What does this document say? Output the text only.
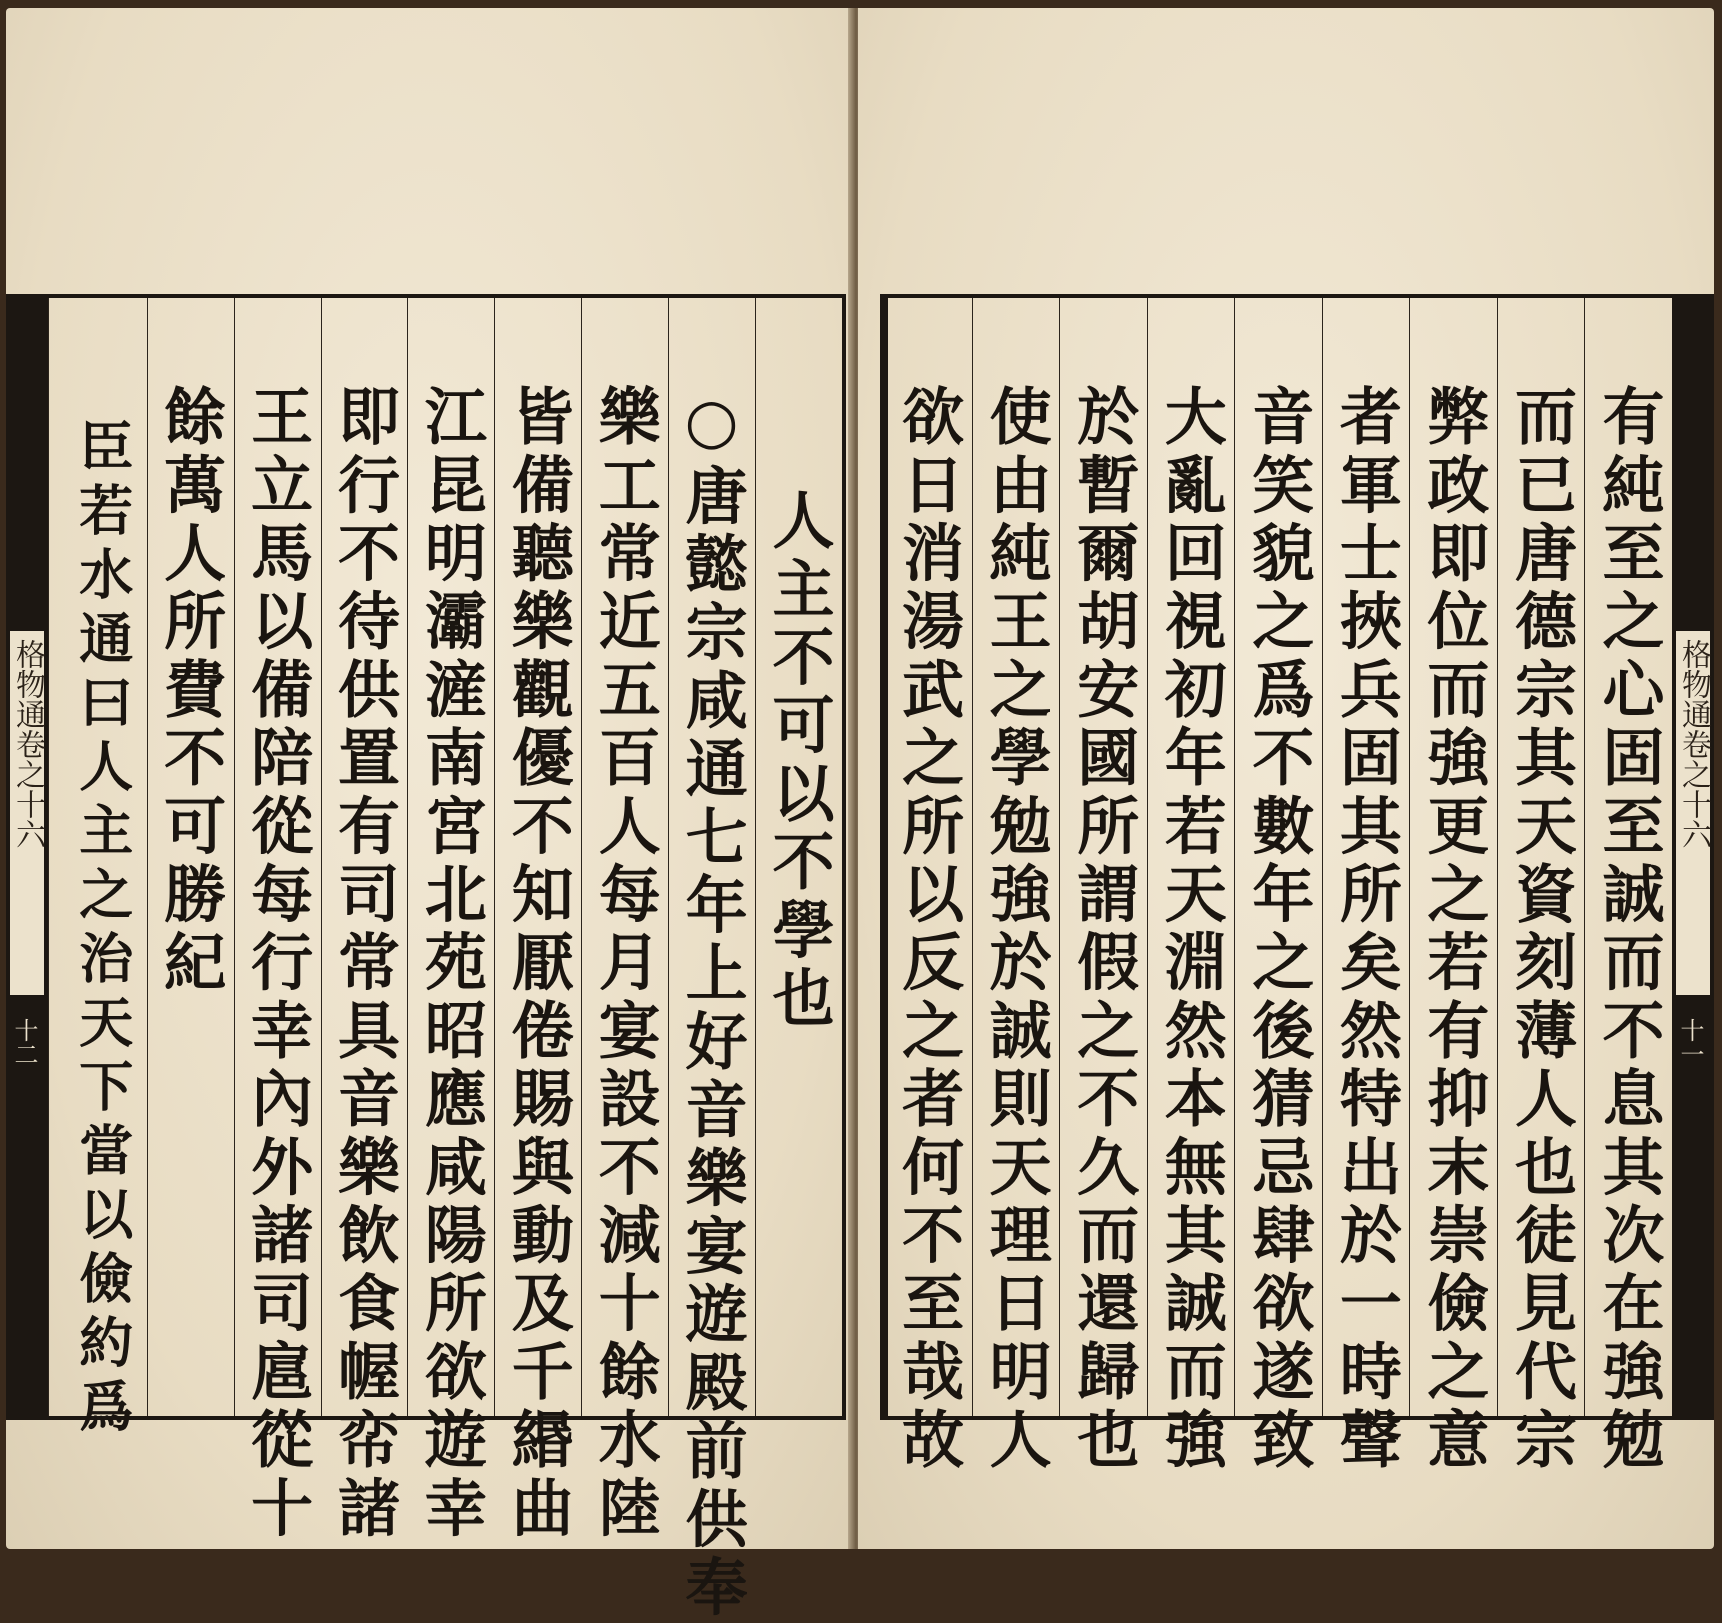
格物通卷之十六
十二
人主不可以不學也
○唐懿宗咸通七年上好音樂宴遊殿前供奉
樂工常近五百人每月宴設不減十餘水陸
皆備聽樂觀優不知厭倦賜與動及千緡曲
江昆明灞滻南宮北苑昭應咸陽所欲遊幸
即行不待供置有司常具音樂飲食幄帟諸
王立馬以備陪從每行幸內外諸司扈從十
餘萬人所費不可勝紀
臣若水通曰人主之治天下當以儉約爲	格物通卷之十六
十一
有純至之心固至誠而不息其次在強勉
而已唐德宗其天資刻薄人也徒見代宗
弊政即位而強更之若有抑末崇儉之意
者軍士挾兵固其所矣然特出於一時聲
音笑貌之爲不數年之後猜忌肆欲遂致
大亂回視初年若天淵然本無其誠而強
於暫爾胡安國所謂假之不久而還歸也
使由純王之學勉強於誠則天理日明人
欲日消湯武之所以反之者何不至哉故
